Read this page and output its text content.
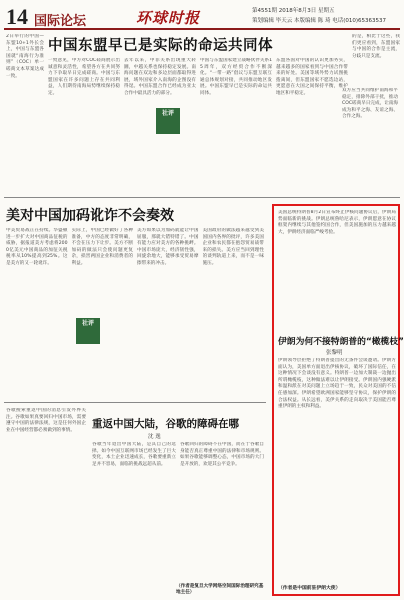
14 国际论坛	环球时报	第4551期 2018年8月3日 星期五
策划编辑 毕天云 本版编辑 陈 琦 电话(010)65363537
2日举行的中国—东盟10+1外长会上，中国与东盟各国就“南海行为准则”（COC）单一磋商文本草案达成一致。
中国东盟早已是实际的命运共同体
的是，相比于这些，我们更应看到，东盟国家与中国的合作是主流，分歧只是支流。
一致意见，中方对COC磋商展示出诚意和灵活性，希望各方在共同努力下争取早日完成磋商。中国与东盟国家在许多问题上存在共同利益，人们期待南海局势继续保持稳定。
去年以来，中菲关系出现重大转圜，中越关系也保持稳定发展。南海问题在双边和多边层面都取得进展，域外国家介入南海的企图没有得逞。中国东盟合作已经成为亚太合作中最具活力的部分。
中国与东盟国家建立战略伙伴关系15周年，双方经贸合作不断深化。“一带一路”倡议与东盟互联互通总体规划对接，共同推动地区发展。中国东盟早已是实际的命运共同体。
东盟各国对中国的认识更加务实，越来越多的国家看到与中国合作带来的好处。美国等域外势力试图挑拨离间，但东盟国家不愿选边站，更愿意在大国之间保持平衡，维护地区和平稳定。
双方应当共同维护南海和平稳定，排除外部干扰，推动COC磋商早日完成，让南海成为和平之海、友谊之海、合作之海。
社评
美对中国加码讹诈不会奏效
中美贸易战正在持续。华盛顿进一步扩大对中国商品征税的威胁，据报道美方考虑将2000亿美元中国商品的加征关税税率从10%提高到25%。这是美方的又一轮讹诈。
实际上，中国已经做好了各种准备，中方的态度非常明确，不会在压力下让步。美方不断加码的做法只会使问题更复杂，损害两国企业和消费者的利益。
美方如果以为加码就能让中国屈服，那就大错特错了。中国有能力应对美方的各种挑衅。中国市场庞大，经济韧性强，回旋余地大，能够承受贸易摩擦带来的冲击。
美国政府的做法越来越受到美国国内各界的批评，许多美国企业和农民都在抱怨贸易战带来的损失。美方应当回到理性的谈判轨道上来，而不是一味施压。
社评
谷歌搜索重返中国的消息引发外界关注。谷歌如果真要回归中国市场，需要遵守中国的法律法规，这是任何外国企业在中国经营都必须做到的事情。
重返中国大陆，谷歌的障碍在哪
沈 逸
谷歌当年退出中国大陆，是其自己的选择。如今中国互联网市场已经发生了巨大变化，本土企业迅速成长，谷歌要重新立足并不容易，面临的挑战远超从前。
谷歌回归的障碍不在中国，而在于谷歌自身能否真正尊重中国的法律和市场规则。如果谷歌能够调整心态，中国市场的大门是开放的，欢迎其公平竞争。
（作者是复旦大学网络空间国际治理研究基地主任）
美国总统特朗普8月2日宣布终止伊核问题协议后，伊朗局势面临新的挑战。伊朗总统鲁哈尼表示，伊朗愿意在协议框架内继续与其他签约国合作，但美国施加的压力越来越大，伊朗经济面临严峻考验。
伊朗为何不接特朗普的“橄榄枝”
张黎明
伊朗领导层拒绝了特朗普提出的无条件会谈邀请。伊朗方面认为，美国单方面退出伊核协议，破坏了国际信任，在这种情况下会谈没有意义。特朗普一边加大制裁一边抛出所谓橄榄枝，这种做法难以让伊朗接受。伊朗国内强硬派和温和派在对美问题上立场趋于一致，民众对美国的不信任感加深。伊朗希望欧洲国家能够坚守协议，保护伊朗的合法权益。从长远看，美伊关系的走向取决于美国能否尊重伊朗的主权和利益。
（作者是中国前驻伊朗大使）
